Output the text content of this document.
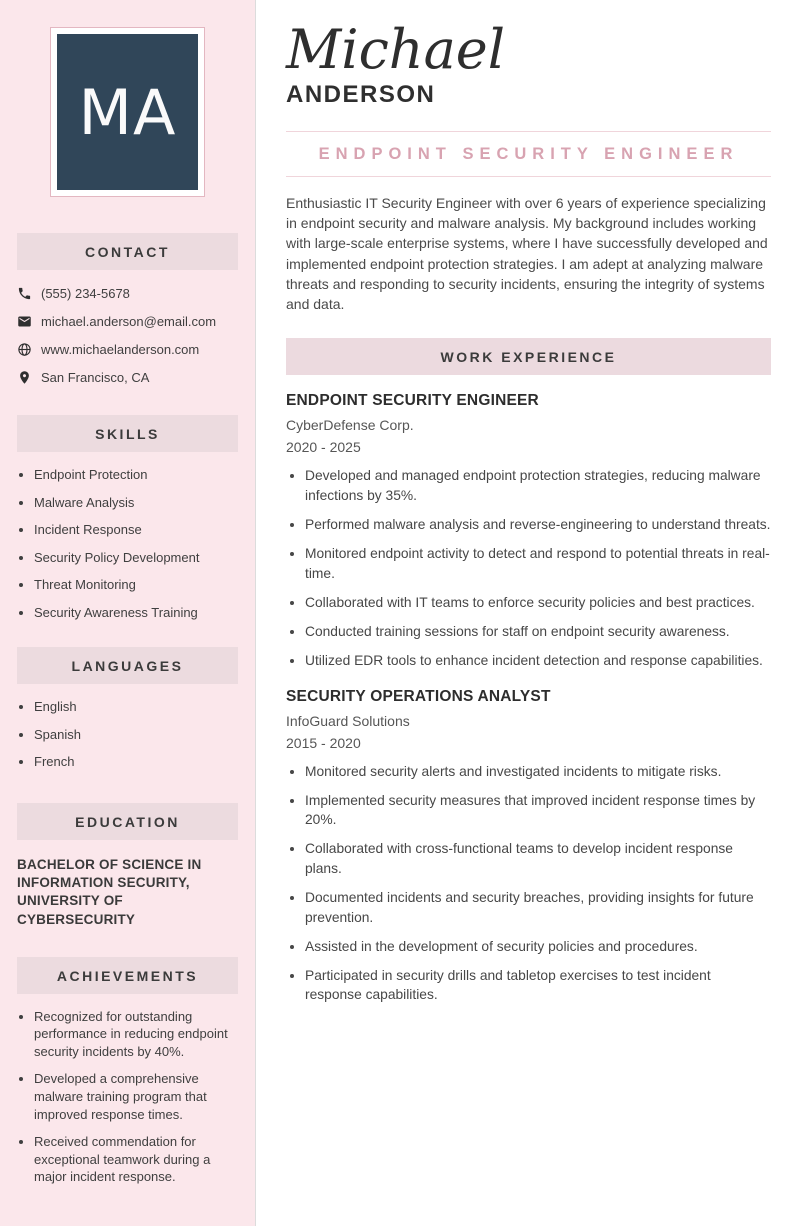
MA
CONTACT
(555) 234-5678
michael.anderson@email.com
www.michaelanderson.com
San Francisco, CA
SKILLS
• Endpoint Protection
• Malware Analysis
• Incident Response
• Security Policy Development
• Threat Monitoring
• Security Awareness Training
LANGUAGES
• English
• Spanish
• French
EDUCATION

BACHELOR OF SCIENCE IN INFORMATION SECURITY, UNIVERSITY OF CYBERSECURITY

ACHIEVEMENTS
• Recognized for outstanding performance in reducing endpoint security incidents by 40%.
• Developed a comprehensive malware training program that improved response times.
• Received commendation for exceptional teamwork during a major incident response.
Michael
ANDERSON
ENDPOINT SECURITY ENGINEER

Enthusiastic IT Security Engineer with over 6 years of experience specializing in endpoint security and malware analysis. My background includes working with large-scale enterprise systems, where I have successfully developed and implemented endpoint protection strategies. I am adept at analyzing malware threats and responding to security incidents, ensuring the integrity of systems and data.

WORK EXPERIENCE
ENDPOINT SECURITY ENGINEER
CyberDefense Corp.
2020 - 2025
• Developed and managed endpoint protection strategies, reducing malware infections by 35%.
• Performed malware analysis and reverse-engineering to understand threats.
• Monitored endpoint activity to detect and respond to potential threats in real-time.
• Collaborated with IT teams to enforce security policies and best practices.
• Conducted training sessions for staff on endpoint security awareness.
• Utilized EDR tools to enhance incident detection and response capabilities.
SECURITY OPERATIONS ANALYST
InfoGuard Solutions
2015 - 2020
• Monitored security alerts and investigated incidents to mitigate risks.
• Implemented security measures that improved incident response times by 20%.
• Collaborated with cross-functional teams to develop incident response plans.
• Documented incidents and security breaches, providing insights for future prevention.
• Assisted in the development of security policies and procedures.
• Participated in security drills and tabletop exercises to test incident response capabilities.
